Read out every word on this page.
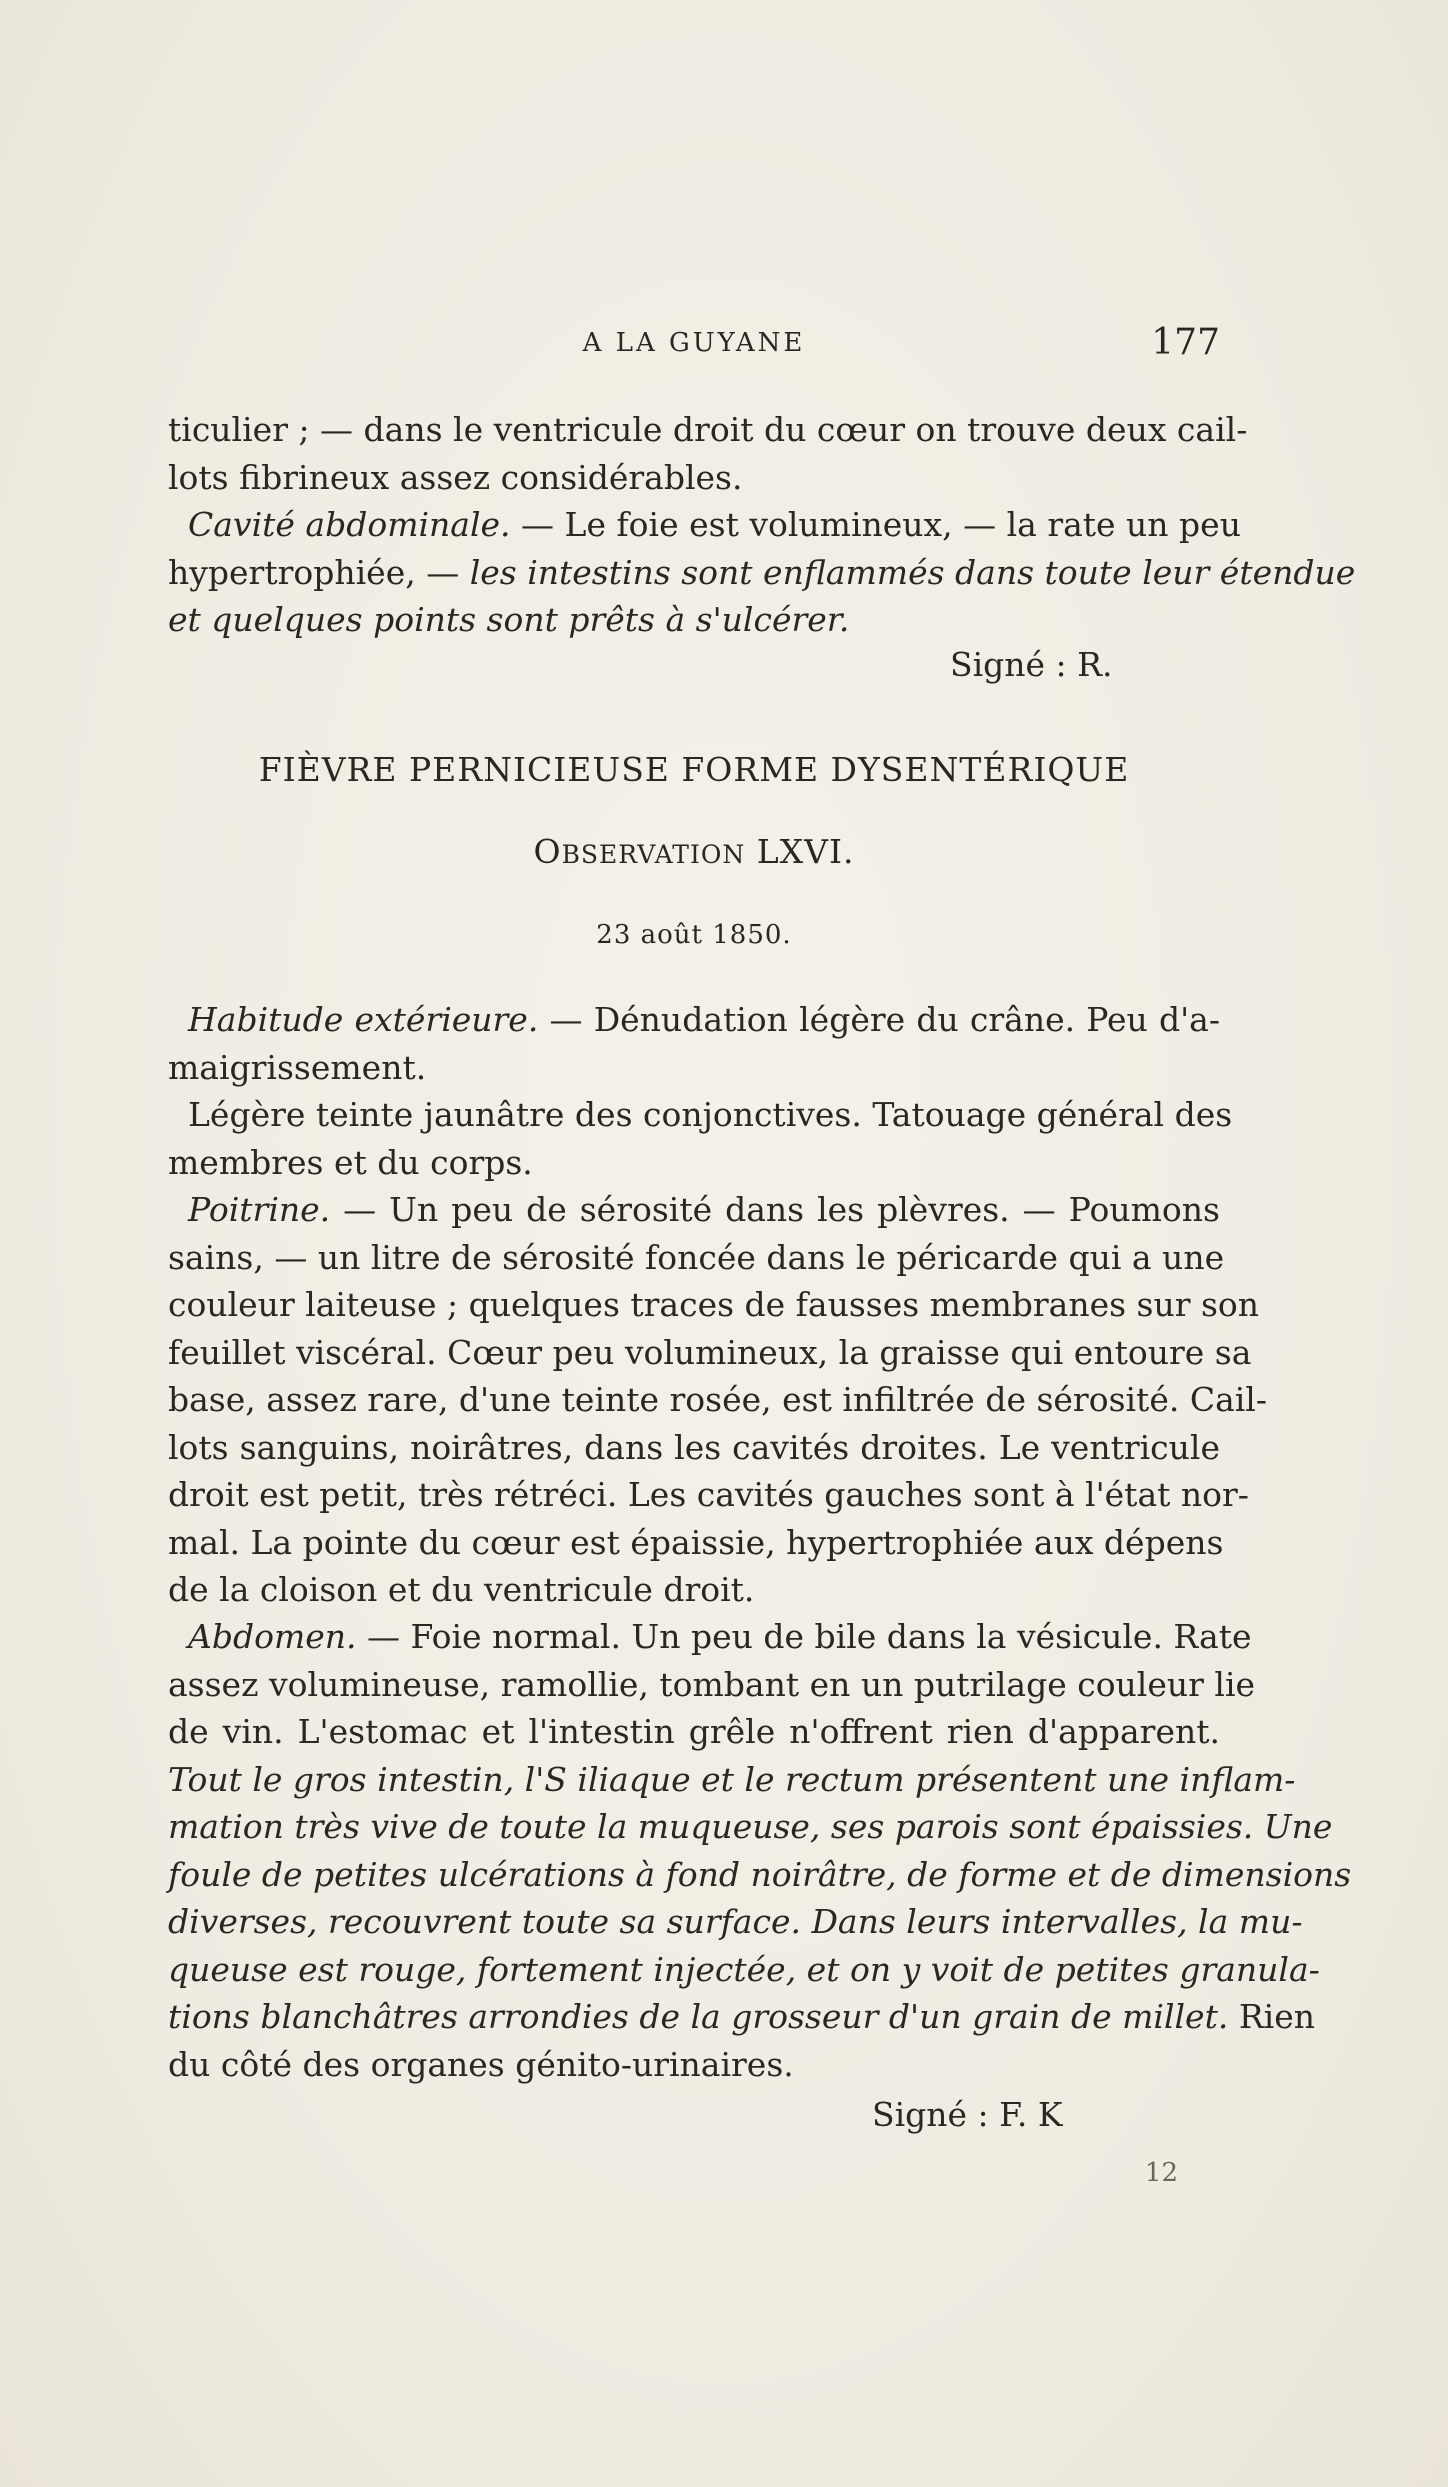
A LA GUYANE	177
ticulier ; — dans le ventricule droit du cœur on trouve deux cail-
lots fibrineux assez considérables.
Cavité abdominale. — Le foie est volumineux, — la rate un peu
hypertrophiée, — les intestins sont enflammés dans toute leur étendue
et quelques points sont prêts à s'ulcérer.
Signé : R.
FIÈVRE PERNICIEUSE FORME DYSENTÉRIQUE
OBSERVATION LXVI.
23 août 1850.
Habitude extérieure. — Dénudation légère du crâne. Peu d'a-
maigrissement.
Légère teinte jaunâtre des conjonctives. Tatouage général des
membres et du corps.
Poitrine. — Un peu de sérosité dans les plèvres. — Poumons
sains, — un litre de sérosité foncée dans le péricarde qui a une
couleur laiteuse ; quelques traces de fausses membranes sur son
feuillet viscéral. Cœur peu volumineux, la graisse qui entoure sa
base, assez rare, d'une teinte rosée, est infiltrée de sérosité. Cail-
lots sanguins, noirâtres, dans les cavités droites. Le ventricule
droit est petit, très rétréci. Les cavités gauches sont à l'état nor-
mal. La pointe du cœur est épaissie, hypertrophiée aux dépens
de la cloison et du ventricule droit.
Abdomen. — Foie normal. Un peu de bile dans la vésicule. Rate
assez volumineuse, ramollie, tombant en un putrilage couleur lie
de vin. L'estomac et l'intestin grêle n'offrent rien d'apparent.
Tout le gros intestin, l'S iliaque et le rectum présentent une inflam-
mation très vive de toute la muqueuse, ses parois sont épaissies. Une
foule de petites ulcérations à fond noirâtre, de forme et de dimensions
diverses, recouvrent toute sa surface. Dans leurs intervalles, la mu-
queuse est rouge, fortement injectée, et on y voit de petites granula-
tions blanchâtres arrondies de la grosseur d'un grain de millet. Rien
du côté des organes génito-urinaires.
Signé : F. K
12
